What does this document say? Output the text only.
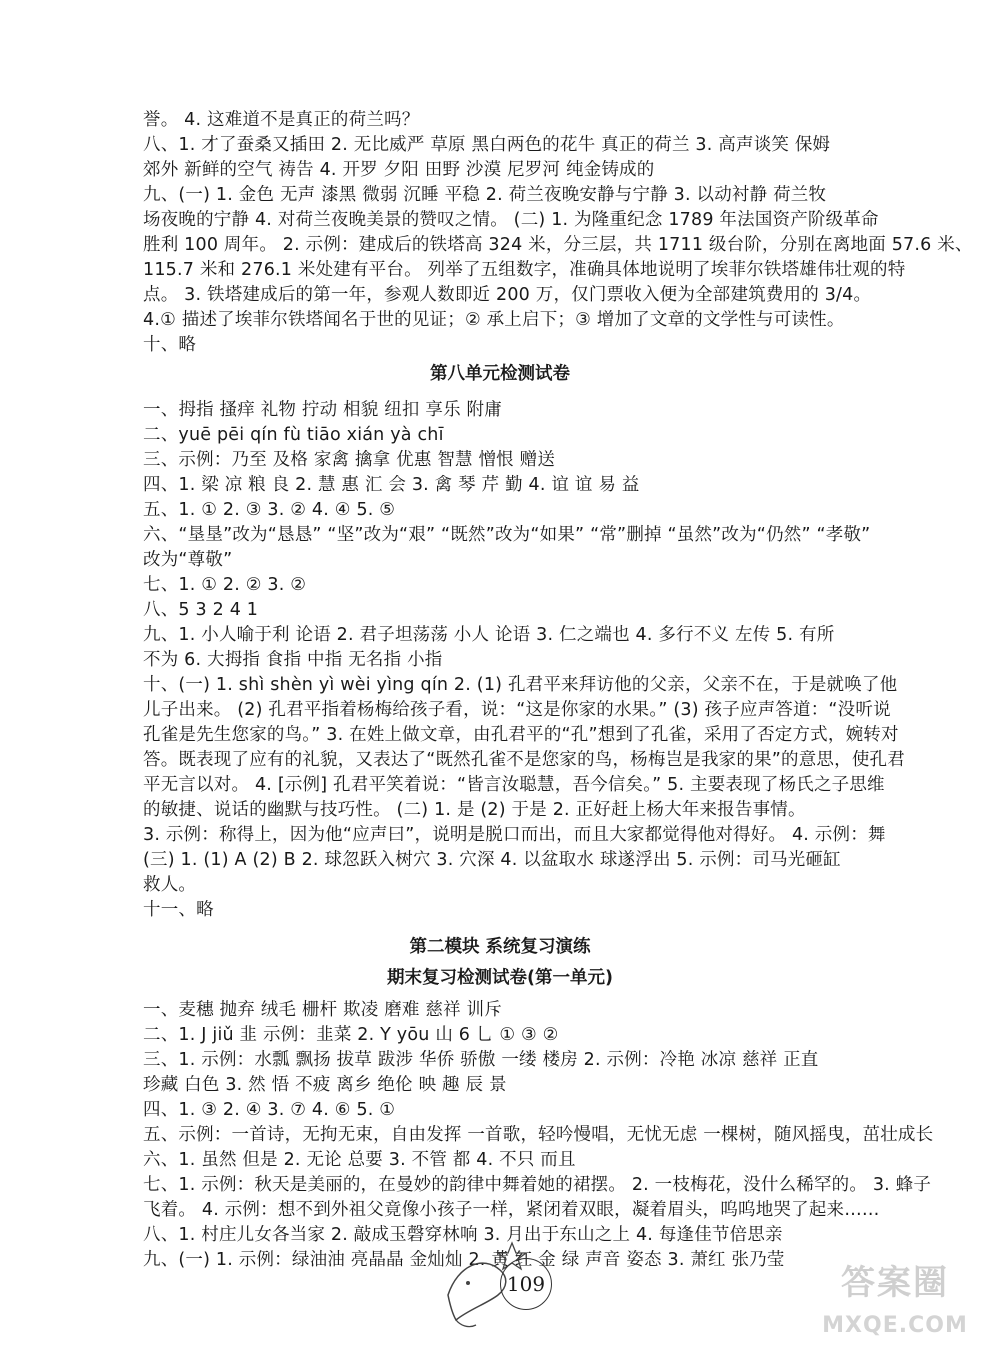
誉。 4. 这难道不是真正的荷兰吗？
八、1. 才了蚕桑又插田 2. 无比威严 草原 黑白两色的花牛 真正的荷兰 3. 高声谈笑 保姆
郊外 新鲜的空气 祷告 4. 开罗 夕阳 田野 沙漠 尼罗河 纯金铸成的
九、(一) 1. 金色 无声 漆黑 微弱 沉睡 平稳 2. 荷兰夜晚安静与宁静 3. 以动衬静 荷兰牧
场夜晚的宁静 4. 对荷兰夜晚美景的赞叹之情。 (二) 1. 为隆重纪念 1789 年法国资产阶级革命
胜利 100 周年。 2. 示例：建成后的铁塔高 324 米，分三层，共 1711 级台阶，分别在离地面 57.6 米、
115.7 米和 276.1 米处建有平台。 列举了五组数字，准确具体地说明了埃菲尔铁塔雄伟壮观的特
点。 3. 铁塔建成后的第一年，参观人数即近 200 万，仅门票收入便为全部建筑费用的 3/4。
4.① 描述了埃菲尔铁塔闻名于世的见证；② 承上启下；③ 增加了文章的文学性与可读性。
十、略
一、拇指 搔痒 礼物 拧动 相貌 纽扣 享乐 附庸
二、yuē pēi qín fù tiāo xián yà chī
三、示例：乃至 及格 家禽 擒拿 优惠 智慧 憎恨 赠送
四、1. 梁 凉 粮 良 2. 慧 惠 汇 会 3. 禽 琴 芹 勤 4. 谊 谊 易 益
五、1. ① 2. ③ 3. ② 4. ④ 5. ⑤
六、“垦垦”改为“恳恳” “坚”改为“艰” “既然”改为“如果” “常”删掉 “虽然”改为“仍然” “孝敬”
改为“尊敬”
七、1. ① 2. ② 3. ②
八、5 3 2 4 1
九、1. 小人喻于利 论语 2. 君子坦荡荡 小人 论语 3. 仁之端也 4. 多行不义 左传 5. 有所
不为 6. 大拇指 食指 中指 无名指 小指
十、(一) 1. shì shèn yì wèi yìng qín 2. (1) 孔君平来拜访他的父亲，父亲不在，于是就唤了他
儿子出来。 (2) 孔君平指着杨梅给孩子看，说：“这是你家的水果。” (3) 孩子应声答道：“没听说
孔雀是先生您家的鸟。” 3. 在姓上做文章，由孔君平的“孔”想到了孔雀，采用了否定方式，婉转对
答。既表现了应有的礼貌，又表达了“既然孔雀不是您家的鸟，杨梅岂是我家的果”的意思，使孔君
平无言以对。 4. [示例] 孔君平笑着说：“皆言汝聪慧，吾今信矣。” 5. 主要表现了杨氏之子思维
的敏捷、说话的幽默与技巧性。 (二) 1. 是 (2) 于是 2. 正好赶上杨大年来报告事情。
3. 示例：称得上，因为他“应声曰”，说明是脱口而出，而且大家都觉得他对得好。 4. 示例：舞
(三) 1. (1) A (2) B 2. 球忽跃入树穴 3. 穴深 4. 以盆取水 球遂浮出 5. 示例：司马光砸缸
救人。
十一、略
一、麦穗 抛弃 绒毛 栅杆 欺凌 磨难 慈祥 训斥
二、1. J jiǔ 韭 示例：韭菜 2. Y yōu 山 6 乚 ① ③ ②
三、1. 示例：水瓢 飘扬 拔草 跋涉 华侨 骄傲 一缕 楼房 2. 示例：冷艳 冰凉 慈祥 正直
珍藏 白色 3. 然 悟 不疲 离乡 绝伦 映 趣 辰 景
四、1. ③ 2. ④ 3. ⑦ 4. ⑥ 5. ①
五、示例：一首诗，无拘无束，自由发挥 一首歌，轻吟慢唱，无忧无虑 一棵树，随风摇曳，茁壮成长
六、1. 虽然 但是 2. 无论 总要 3. 不管 都 4. 不只 而且
七、1. 示例：秋天是美丽的，在曼妙的韵律中舞着她的裙摆。 2. 一枝梅花，没什么稀罕的。 3. 蜂子
飞着。 4. 示例：想不到外祖父竟像小孩子一样，紧闭着双眼，凝着眉头，呜呜地哭了起来……
八、1. 村庄儿女各当家 2. 敲成玉磬穿林响 3. 月出于东山之上 4. 每逢佳节倍思亲
九、(一) 1. 示例：绿油油 亮晶晶 金灿灿 2. 黄 红 金 绿 声音 姿态 3. 萧红 张乃莹
第八单元检测试卷
第二模块 系统复习演练
期末复习检测试卷(第一单元)
109	答案圈
MXQE.COM
